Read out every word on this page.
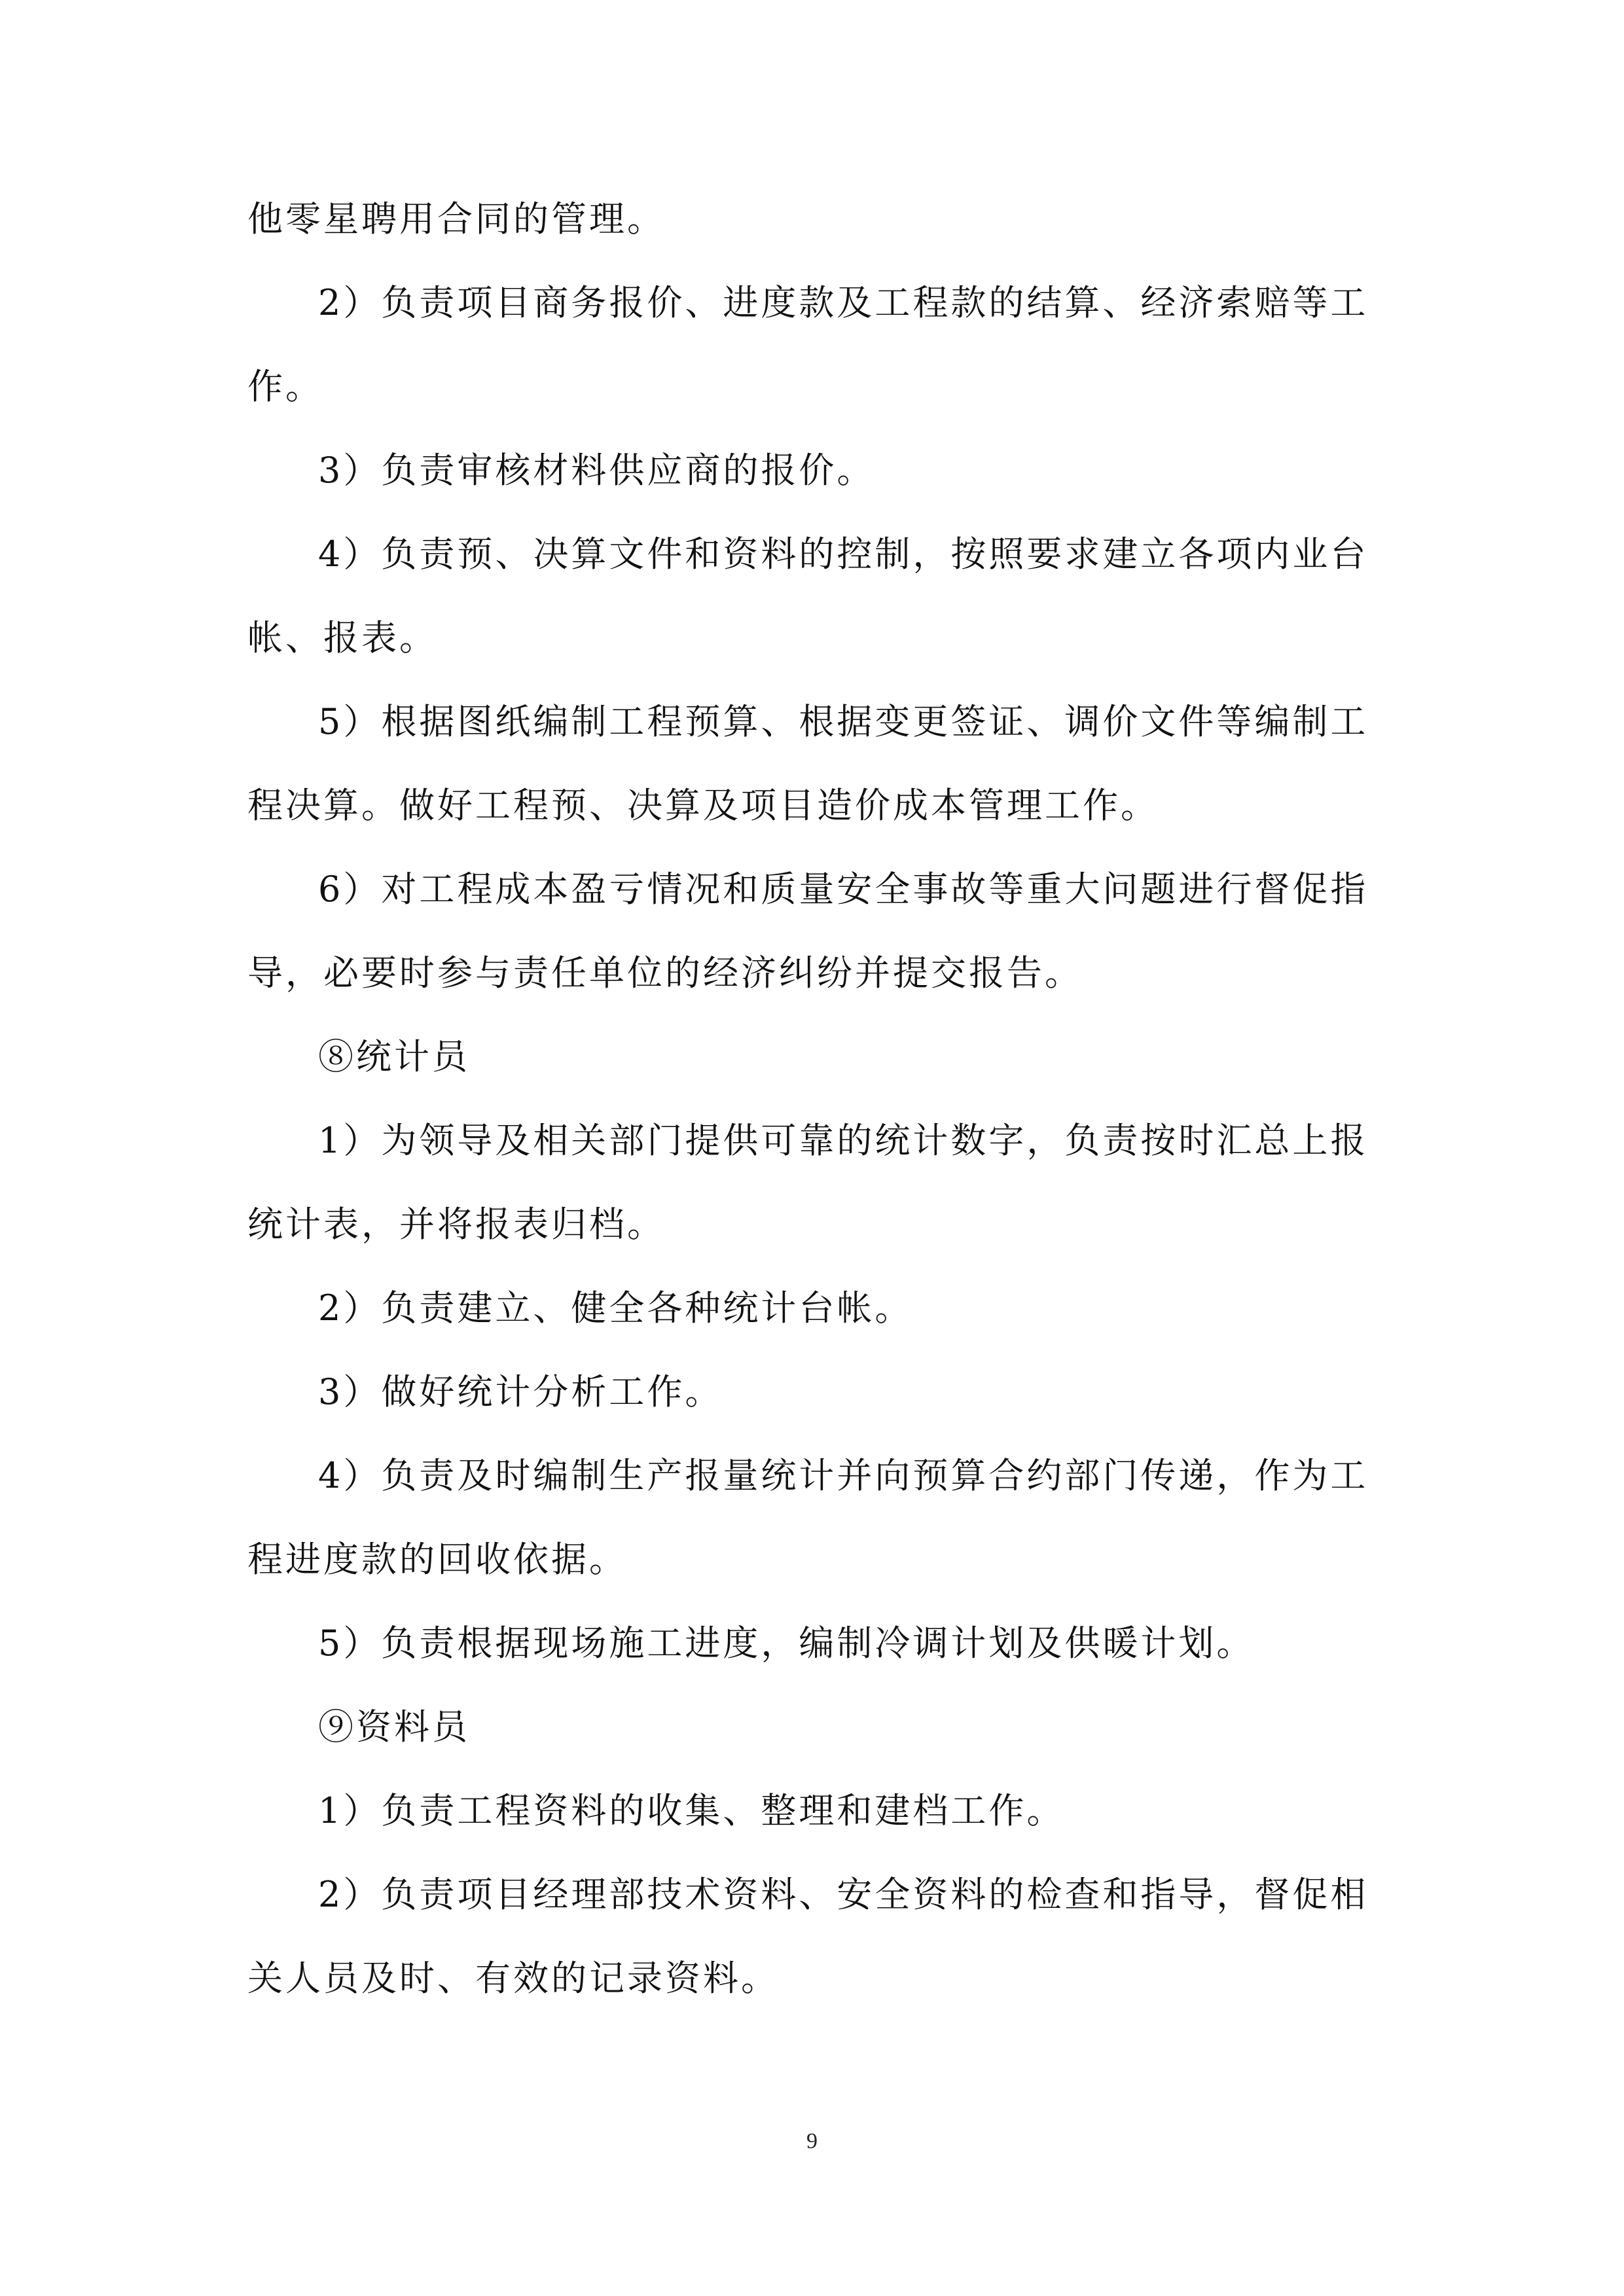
他零星聘用合同的管理。
2）负责项目商务报价、进度款及工程款的结算、经济索赔等工
作。
3）负责审核材料供应商的报价。
4）负责预、决算文件和资料的控制，按照要求建立各项内业台
帐、报表。
5）根据图纸编制工程预算、根据变更签证、调价文件等编制工
程决算。做好工程预、决算及项目造价成本管理工作。
6）对工程成本盈亏情况和质量安全事故等重大问题进行督促指
导，必要时参与责任单位的经济纠纷并提交报告。
⑧统计员
1）为领导及相关部门提供可靠的统计数字，负责按时汇总上报
统计表，并将报表归档。
2）负责建立、健全各种统计台帐。
3）做好统计分析工作。
4）负责及时编制生产报量统计并向预算合约部门传递，作为工
程进度款的回收依据。
5）负责根据现场施工进度，编制冷调计划及供暖计划。
⑨资料员
1）负责工程资料的收集、整理和建档工作。
2）负责项目经理部技术资料、安全资料的检查和指导，督促相
关人员及时、有效的记录资料。
9
